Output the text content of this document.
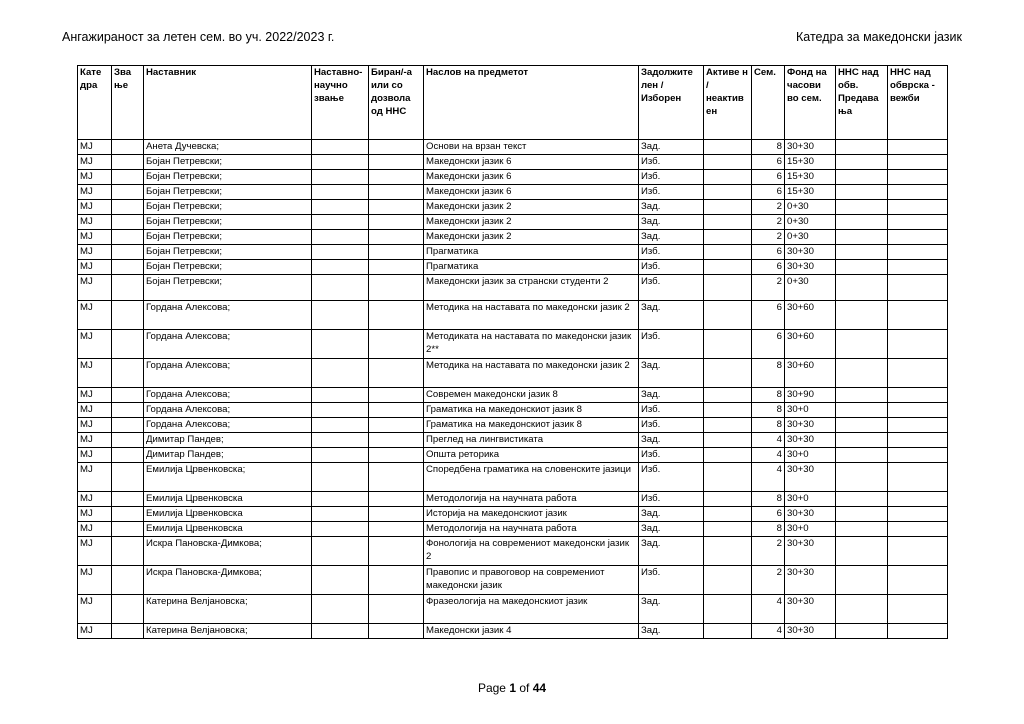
Ангажираност за летен сем. во уч. 2022/2023 г.	Катедра за македонски јазик
Кате дра	Зва ње	Наставник	Наставно- научно звање	Биран/-а или со дозвола од ННС	Наслов на предметот	Задолжите лен / Изборен	Активе н / неактив ен	Сем.	Фонд на часови во сем.	ННС над обв. Предава ња	ННС над обврска - вежби
MJ		Анета Дучевска;			Основи на врзан текст	Зад.		8	30+30		
MJ		Бојан Петревски;			Македонски јазик 6	Изб.		6	15+30		
MJ		Бојан Петревски;			Македонски јазик 6	Изб.		6	15+30		
MJ		Бојан Петревски;			Македонски јазик 6	Изб.		6	15+30		
MJ		Бојан Петревски;			Македонски јазик 2	Зад.		2	0+30		
MJ		Бојан Петревски;			Македонски јазик 2	Зад.		2	0+30		
MJ		Бојан Петревски;			Македонски јазик 2	Зад.		2	0+30		
MJ		Бојан Петревски;			Прагматика	Изб.		6	30+30		
MJ		Бојан Петревски;			Прагматика	Изб.		6	30+30		
MJ		Бојан Петревски;			Македонски јазик за странски студенти 2	Изб.		2	0+30		
MJ		Гордана Алексова;			Методика на наставата по македонски јазик 2	Зад.		6	30+60		
MJ		Гордана Алексова;			Методиката на наставата по македонски јазик 2**	Изб.		6	30+60		
MJ		Гордана Алексова;			Методика на наставата по македонски јазик 2	Зад.		8	30+60		
MJ		Гордана Алексова;			Современ македонски јазик 8	Зад.		8	30+90		
MJ		Гордана Алексова;			Граматика на македонскиот јазик 8	Изб.		8	30+0		
MJ		Гордана Алексова;			Граматика на македонскиот јазик 8	Изб.		8	30+30		
MJ		Димитар Пандев;			Преглед на лингвистиката	Зад.		4	30+30		
MJ		Димитар Пандев;			Општа реторика	Изб.		4	30+0		
MJ		Емилија Црвенковска;			Споредбена граматика на словенските јазици	Изб.		4	30+30		
MJ		Емилија Црвенковска			Методологија на научната работа	Изб.		8	30+0		
MJ		Емилија Црвенковска			Историја на македонскиот јазик	Зад.		6	30+30		
MJ		Емилија Црвенковска			Методологија на научната работа	Зад.		8	30+0		
MJ		Искра Пановска-Димкова;			Фонологија на современиот македонски јазик 2	Зад.		2	30+30		
MJ		Искра Пановска-Димкова;			Правопис и правоговор на современиот македонски јазик	Изб.		2	30+30		
MJ		Катерина Велјановска;			Фразеологија на македонскиот јазик	Зад.		4	30+30		
MJ		Катерина Велјановска;			Македонски јазик 4	Зад.		4	30+30		
Page 1 of 44
